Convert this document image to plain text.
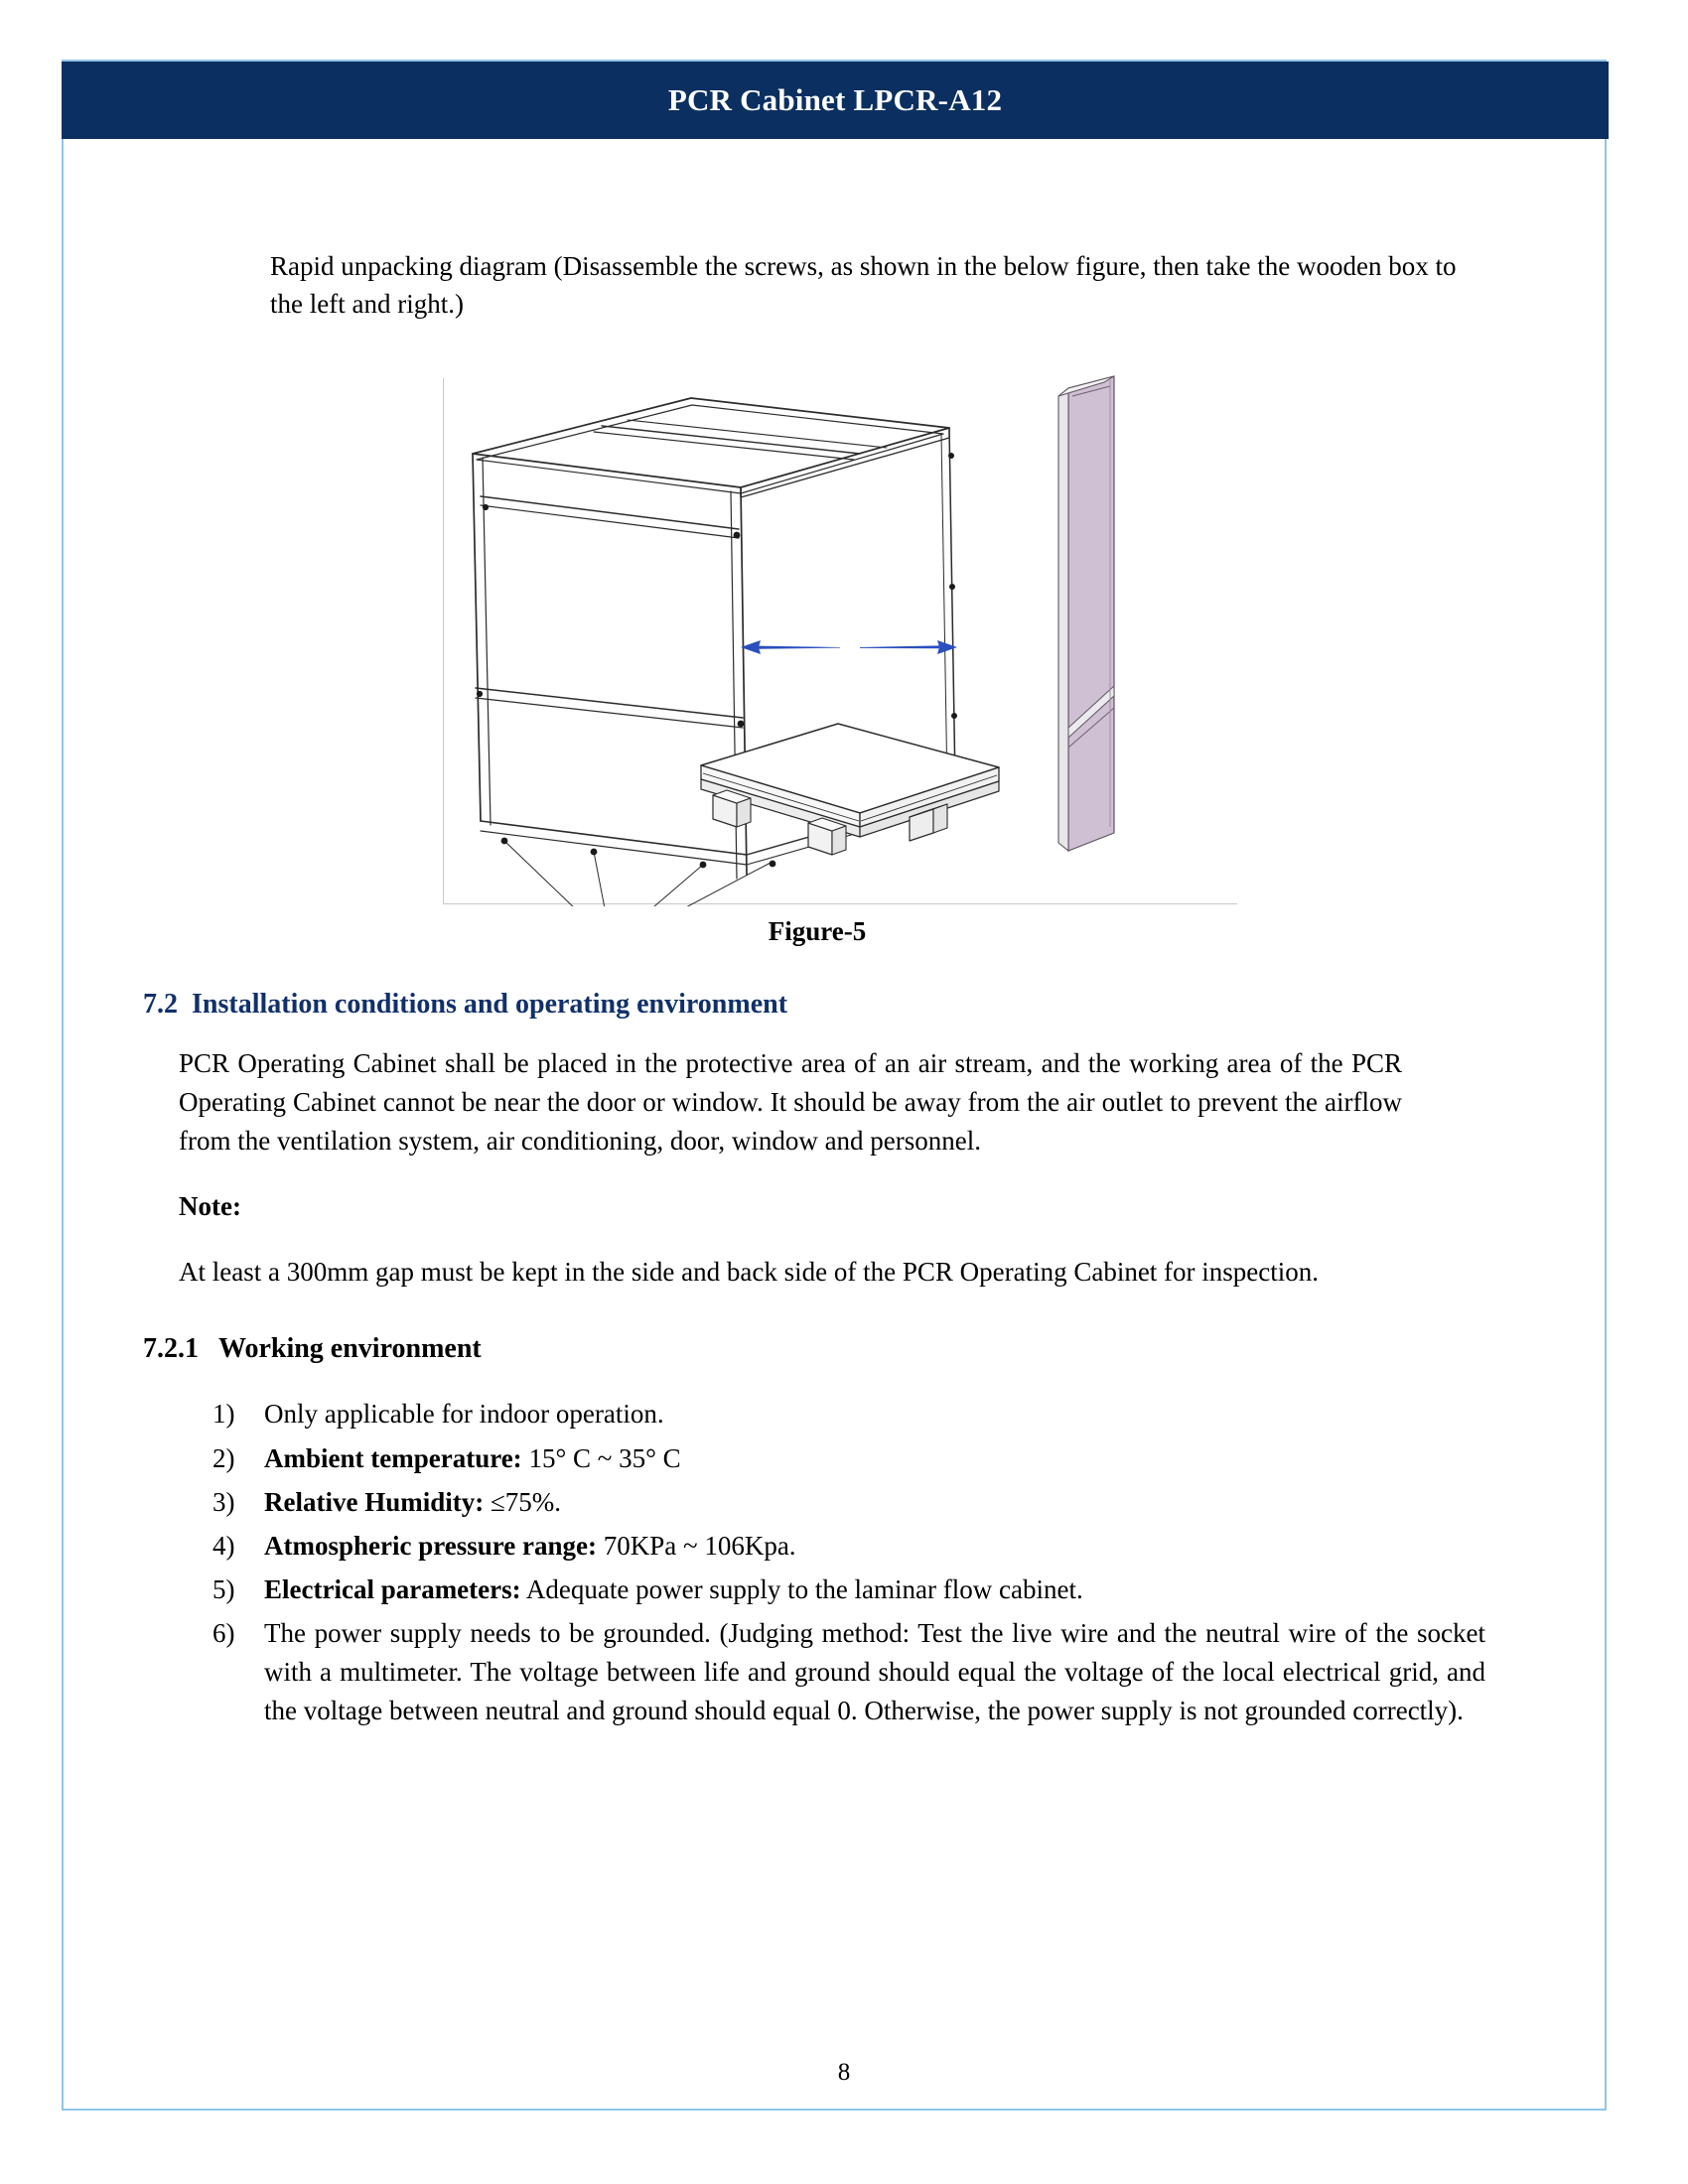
PCR Cabinet LPCR-A12

Rapid unpacking diagram (Disassemble the screws, as shown in the below figure, then take the wooden box to the left and right.)

Figure-5
7.2 Installation conditions and operating environment

PCR Operating Cabinet shall be placed in the protective area of an air stream, and the working area of the PCR Operating Cabinet cannot be near the door or window. It should be away from the air outlet to prevent the airflow from the ventilation system, air conditioning, door, window and personnel.

Note:

At least a 300mm gap must be kept in the side and back side of the PCR Operating Cabinet for inspection.

7.2.1 Working environment
1)	Only applicable for indoor operation.
2)	Ambient temperature: 15° C ~ 35° C
3)	Relative Humidity: ≤75%.
4)	Atmospheric pressure range: 70KPa ~ 106Kpa.
5)	Electrical parameters: Adequate power supply to the laminar flow cabinet.
6)	The power supply needs to be grounded. (Judging method: Test the live wire and the neutral wire of the socket with a multimeter. The voltage between life and ground should equal the voltage of the local electrical grid, and the voltage between neutral and ground should equal 0. Otherwise, the power supply is not grounded correctly).
8
